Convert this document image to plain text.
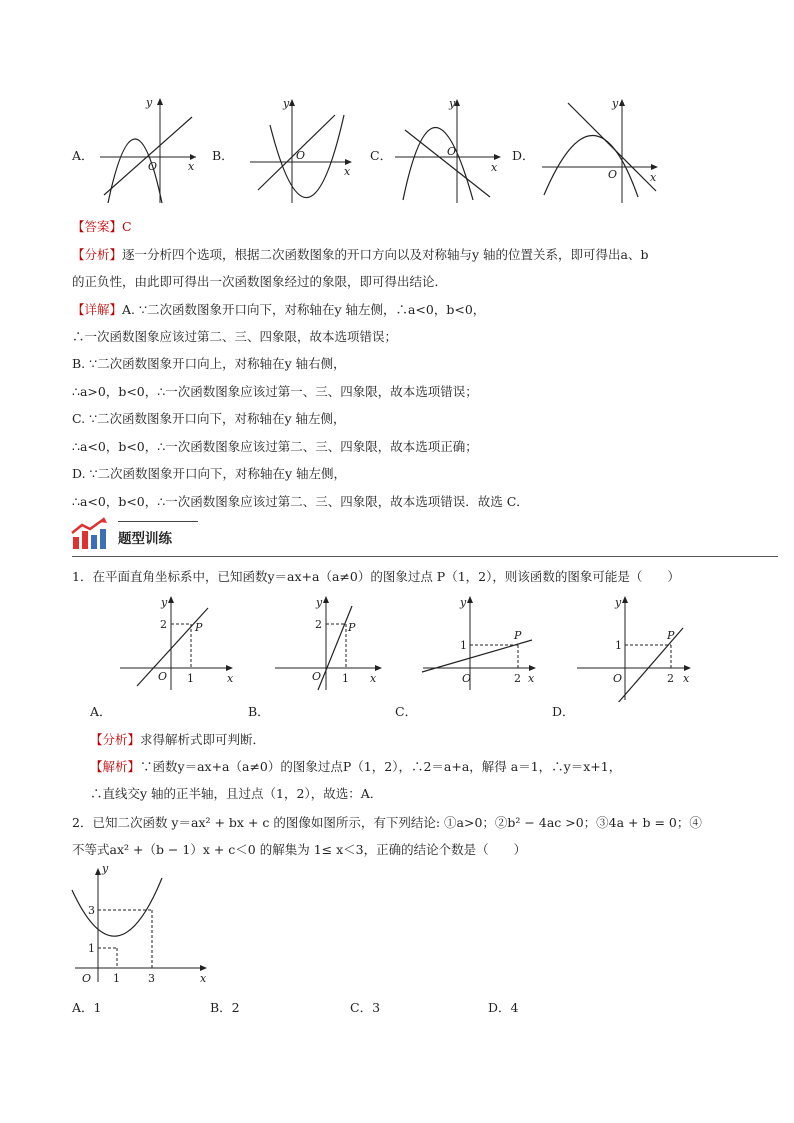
A．
y
x
O
B．
y
x
O	C．
y
x
O	D．
y
x
O
【答案】C
【分析】逐一分析四个选项，根据二次函数图象的开口方向以及对称轴与y 轴的位置关系，即可得出a、b
的正负性，由此即可得出一次函数图象经过的象限，即可得出结论．
【详解】A. ∵二次函数图象开口向下，对称轴在y 轴左侧，∴a<0，b<0，
∴一次函数图象应该过第二、三、四象限，故本选项错误；
B. ∵二次函数图象开口向上，对称轴在y 轴右侧，
∴a>0，b<0，∴一次函数图象应该过第一、三、四象限，故本选项错误；
C. ∵二次函数图象开口向下，对称轴在y 轴左侧，
∴a<0，b<0，∴一次函数图象应该过第二、三、四象限，故本选项正确；
D. ∵二次函数图象开口向下，对称轴在y 轴左侧，
∴a<0，b<0，∴一次函数图象应该过第二、三、四象限，故本选项错误．故选 C．
题型训练
1．在平面直角坐标系中，已知函数y＝ax+a（a≠0）的图象过点 P（1，2），则该函数的图象可能是（　　）
y
x
O 1
2	P
A．
y
x
O 1
2 P
B．
y
x
O	2
1
P
C．
y
x
O	2
1
P
D．
【分析】求得解析式即可判断．
【解析】∵函数y＝ax+a（a≠0）的图象过点P（1，2），∴2＝a+a，解得 a＝1，∴y＝x+1，
∴直线交y 轴的正半轴，且过点（1，2），故选：A．
2．已知二次函数 y＝ax² + bx + c 的图像如图所示，有下列结论: ①a>0；②b² − 4ac >0；③4a + b = 0；④
不等式ax² +（b − 1）x + c＜0 的解集为 1≤ x＜3，正确的结论个数是（　　）
y
x
O
3
1
1	3
A．1	B．2	C．3	D．4
